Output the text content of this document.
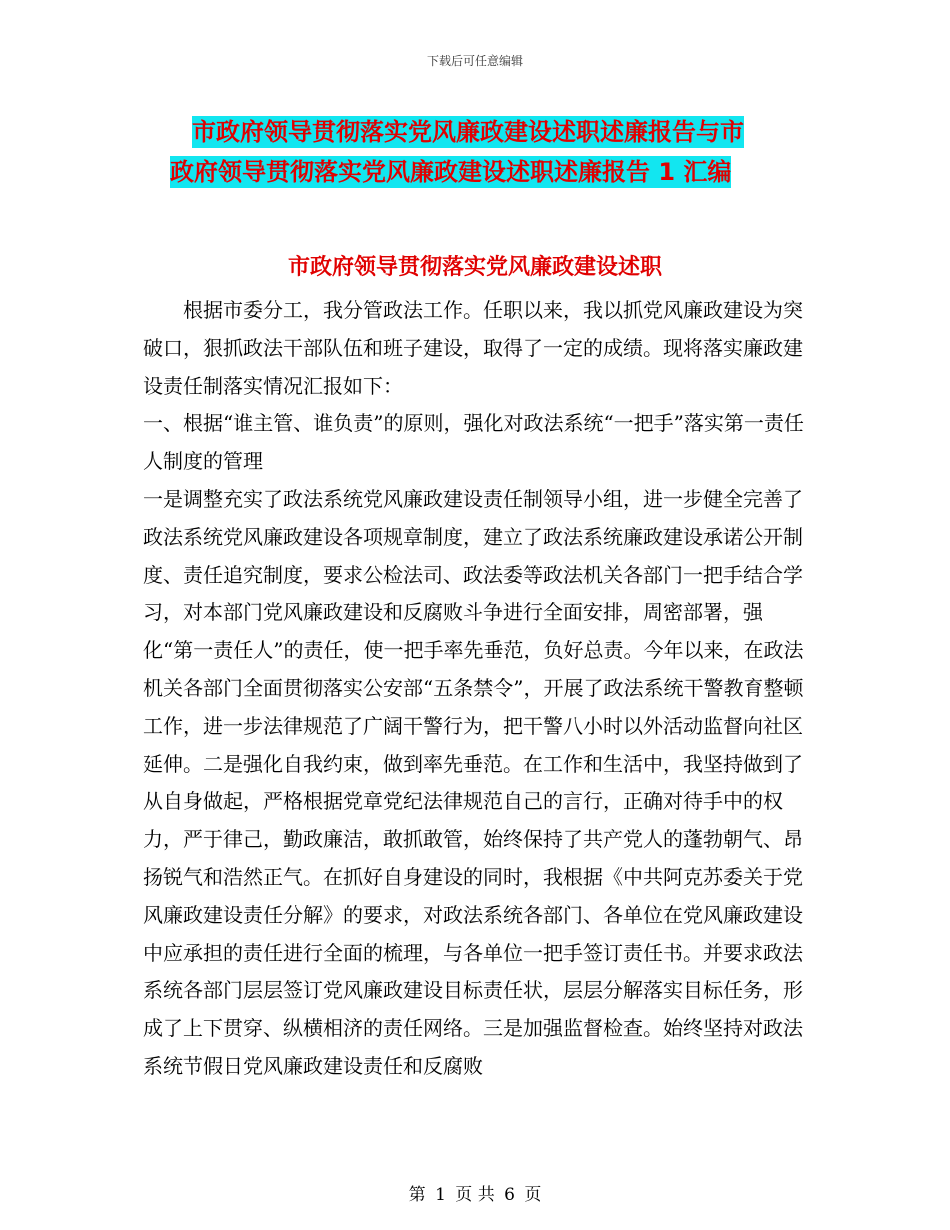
下载后可任意编辑
市政府领导贯彻落实党风廉政建设述职述廉报告与市
政府领导贯彻落实党风廉政建设述职述廉报告 1 汇编
市政府领导贯彻落实党风廉政建设述职

根据市委分工，我分管政法工作。任职以来，我以抓党风廉政建设为突破口，狠抓政法干部队伍和班子建设，取得了一定的成绩。现将落实廉政建设责任制落实情况汇报如下：

一、根据“谁主管、谁负责”的原则，强化对政法系统“一把手”落实第一责任人制度的管理

一是调整充实了政法系统党风廉政建设责任制领导小组，进一步健全完善了政法系统党风廉政建设各项规章制度，建立了政法系统廉政建设承诺公开制度、责任追究制度，要求公检法司、政法委等政法机关各部门一把手结合学习，对本部门党风廉政建设和反腐败斗争进行全面安排，周密部署，强化“第一责任人”的责任，使一把手率先垂范，负好总责。今年以来，在政法机关各部门全面贯彻落实公安部“五条禁令”，开展了政法系统干警教育整顿工作，进一步法律规范了广阔干警行为，把干警八小时以外活动监督向社区延伸。二是强化自我约束，做到率先垂范。在工作和生活中，我坚持做到了从自身做起，严格根据党章党纪法律规范自己的言行，正确对待手中的权力，严于律己，勤政廉洁，敢抓敢管，始终保持了共产党人的蓬勃朝气、昂扬锐气和浩然正气。在抓好自身建设的同时，我根据《中共阿克苏委关于党风廉政建设责任分解》的要求，对政法系统各部门、各单位在党风廉政建设中应承担的责任进行全面的梳理，与各单位一把手签订责任书。并要求政法系统各部门层层签订党风廉政建设目标责任状，层层分解落实目标任务，形成了上下贯穿、纵横相济的责任网络。三是加强监督检查。始终坚持对政法系统节假日党风廉政建设责任和反腐败

第 1 页 共 6 页
